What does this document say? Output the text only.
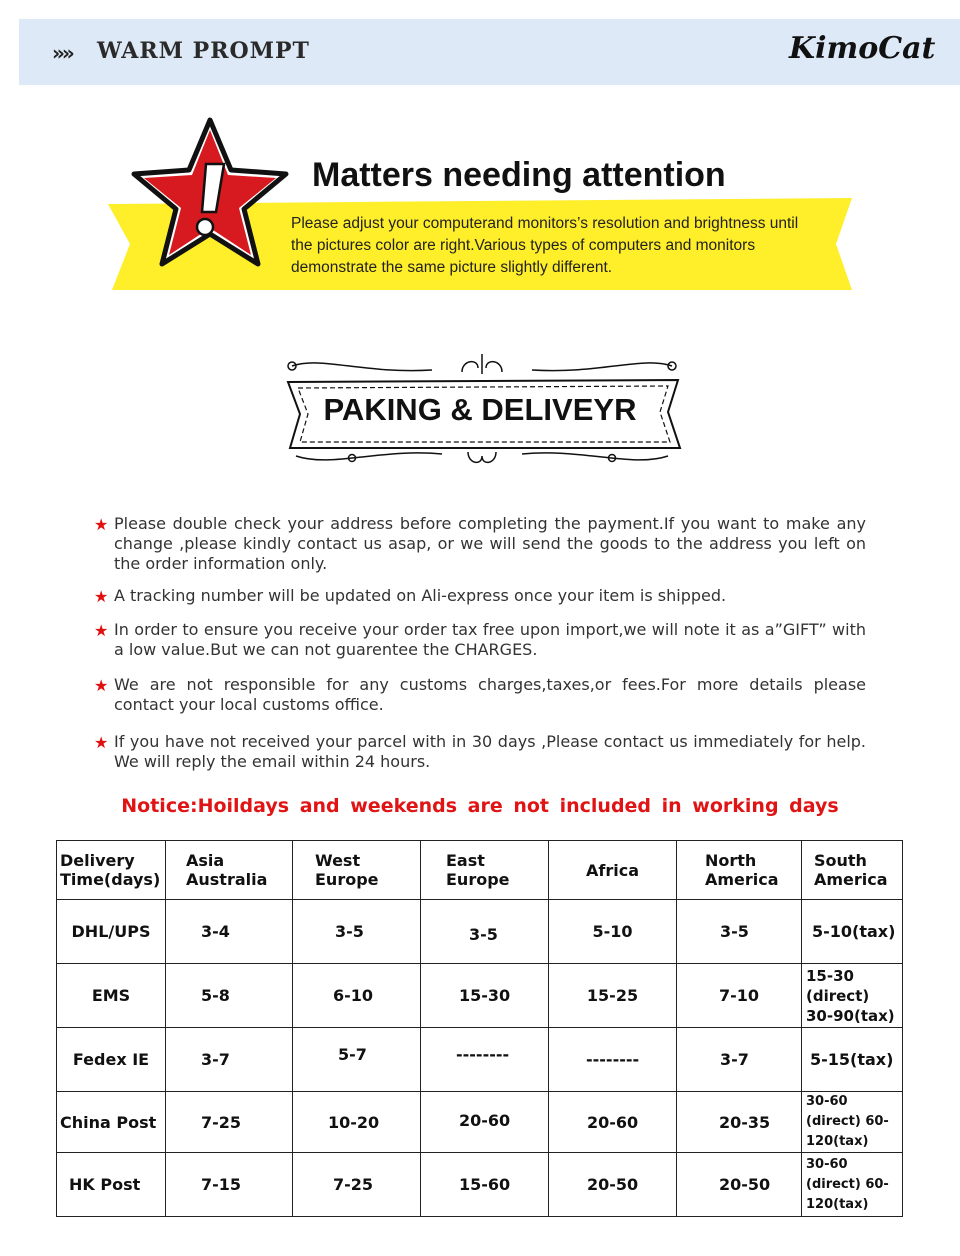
»» WARM PROMPT	KimoCat
Matters needing attention
Please adjust your computerand monitors’s resolution and brightness until the pictures color are right.Various types of computers and monitors demonstrate the same picture slightly different.
PAKING & DELIVEYR
★ Please double check your address before completing the payment.If you want to make any change ,please kindly contact us asap, or we will send the goods to the address you left on the order information only.
★ A tracking number will be updated on Ali-express once your item is shipped.
★ In order to ensure you receive your order tax free upon import,we will note it as a”GIFT” with a low value.But we can not guarentee the CHARGES.
★ We are not responsible for any customs charges,taxes,or fees.For more details please contact your local customs office.
★ If you have not received your parcel with in 30 days ,Please contact us immediately for help. We will reply the email within 24 hours.
Notice:Hoildays and weekends are not included in working days
Delivery Time(days)	Asia Australia	West Europe	East Europe	Africa	North America	South America
DHL/UPS	3-4	3-5	3-5	5-10	3-5	5-10(tax)
EMS	5-8	6-10	15-30	15-25	7-10	15-30 (direct) 30-90(tax)
Fedex IE	3-7	5-7	--------	--------	3-7	5-15(tax)
China Post	7-25	10-20	20-60	20-60	20-35	30-60 (direct) 60-120(tax)
HK Post	7-15	7-25	15-60	20-50	20-50	30-60 (direct) 60-120(tax)
